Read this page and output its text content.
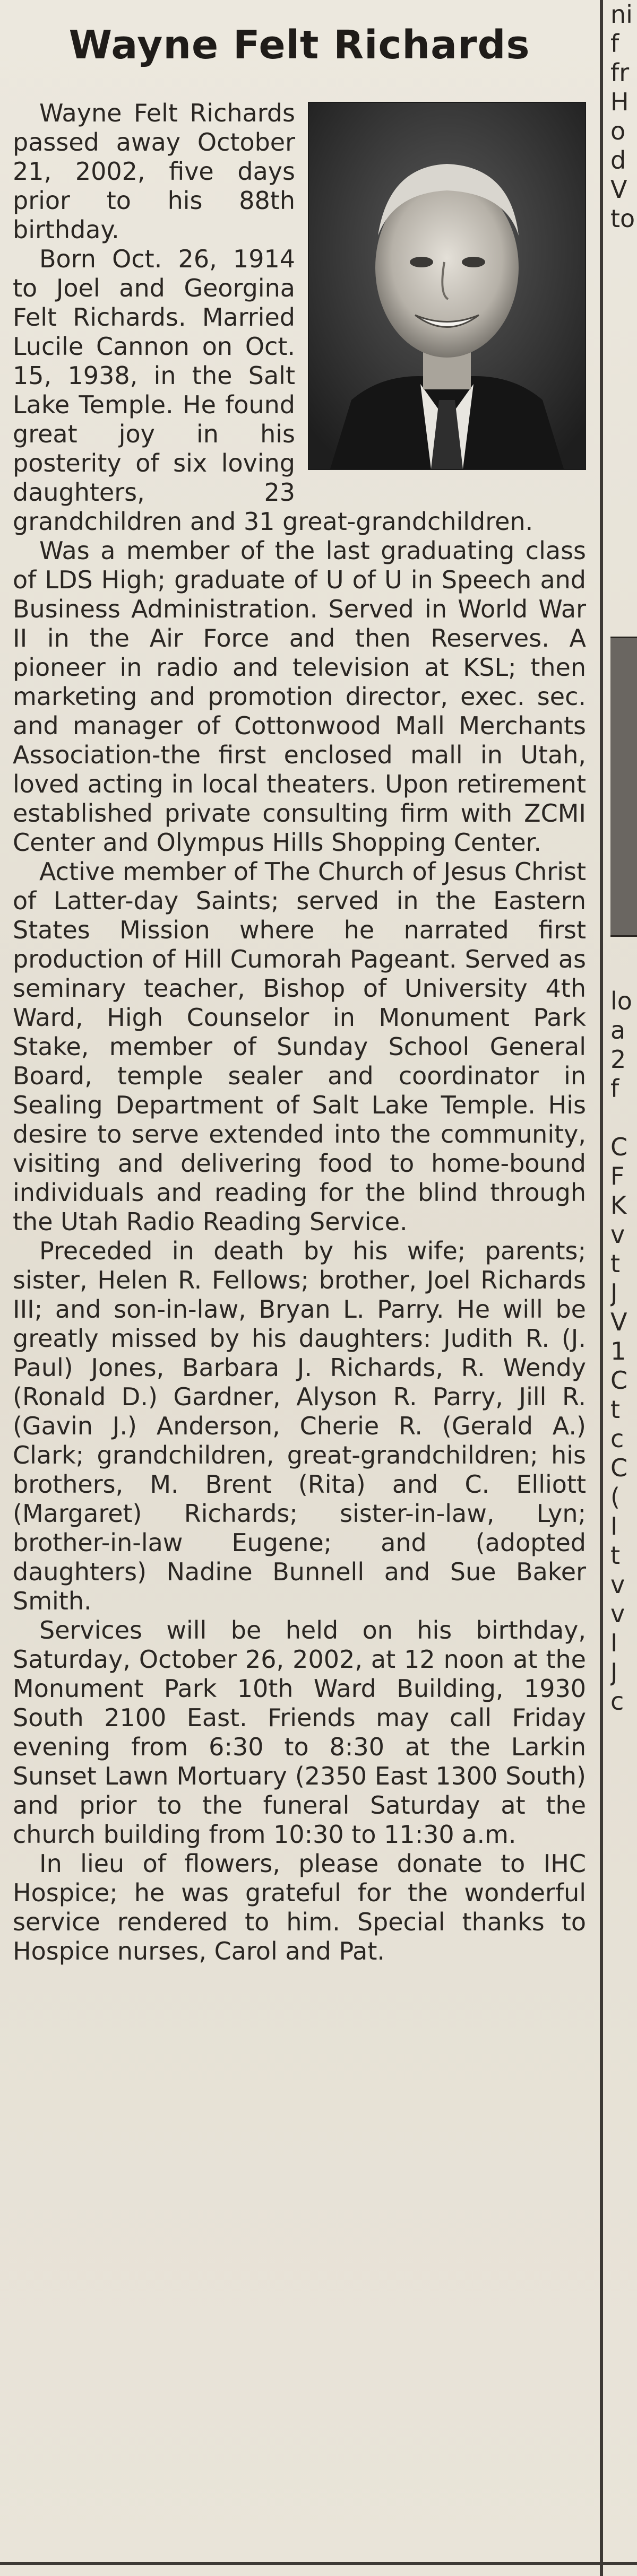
Wayne Felt Richards

Wayne Felt Richards passed away October 21, 2002, five days prior to his 88th birthday.

Born Oct. 26, 1914 to Joel and Georgina Felt Richards. Married Lucile Cannon on Oct. 15, 1938, in the Salt Lake Temple. He found great joy in his posterity of six loving daughters, 23 grandchildren and 31 great-grandchildren.

Was a member of the last graduating class of LDS High; graduate of U of U in Speech and Business Administration. Served in World War II in the Air Force and then Reserves. A pioneer in radio and television at KSL; then marketing and promotion director, exec. sec. and manager of Cottonwood Mall Merchants Association-the first enclosed mall in Utah, loved acting in local theaters. Upon retirement established private consulting firm with ZCMI Center and Olympus Hills Shopping Center.

Active member of The Church of Jesus Christ of Latter-day Saints; served in the Eastern States Mission where he narrated first production of Hill Cumorah Pageant. Served as seminary teacher, Bishop of University 4th Ward, High Counselor in Monument Park Stake, member of Sunday School General Board, temple sealer and coordinator in Sealing Department of Salt Lake Temple. His desire to serve extended into the community, visiting and delivering food to home-bound individuals and reading for the blind through the Utah Radio Reading Service.

Preceded in death by his wife; parents; sister, Helen R. Fellows; brother, Joel Richards III; and son-in-law, Bryan L. Parry. He will be greatly missed by his daughters: Judith R. (J. Paul) Jones, Barbara J. Richards, R. Wendy (Ronald D.) Gardner, Alyson R. Parry, Jill R. (Gavin J.) Anderson, Cherie R. (Gerald A.) Clark; grandchildren, great-grandchildren; his brothers, M. Brent (Rita) and C. Elliott (Margaret) Richards; sister-in-law, Lyn; brother-in-law Eugene; and (adopted daughters) Nadine Bunnell and Sue Baker Smith.

Services will be held on his birthday, Saturday, October 26, 2002, at 12 noon at the Monument Park 10th Ward Building, 1930 South 2100 East. Friends may call Friday evening from 6:30 to 8:30 at the Larkin Sunset Lawn Mortuary (2350 East 1300 South) and prior to the funeral Saturday at the church building from 10:30 to 11:30 a.m.

In lieu of flowers, please donate to IHC Hospice; he was grateful for the wonderful service rendered to him. Special thanks to Hospice nurses, Carol and Pat.

ni
f
fr
H
o
d
V
to
lo
a
2
f

C
F
K
v
t
J
V
1
C
t
c
C
(
I
t
v
v
I
J
c
